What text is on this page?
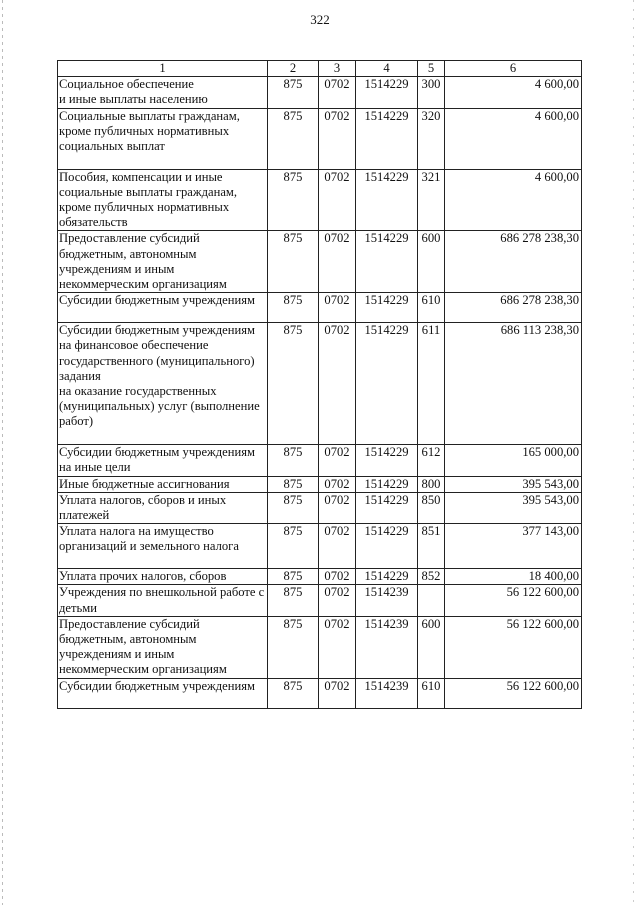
322
1	2	3	4	5	6
Социальное обеспечение
и иные выплаты населению	875	0702	1514229	300	4 600,00
Социальные выплаты гражданам, кроме публичных нормативных социальных выплат	875	0702	1514229	320	4 600,00
Пособия, компенсации и иные социальные выплаты гражданам, кроме публичных нормативных обязательств	875	0702	1514229	321	4 600,00
Предоставление субсидий бюджетным, автономным учреждениям и иным некоммерческим организациям	875	0702	1514229	600	686 278 238,30
Субсидии бюджетным учреждениям	875	0702	1514229	610	686 278 238,30
Субсидии бюджетным учреждениям на финансовое обеспечение государственного (муниципального) задания
на оказание государственных (муниципальных) услуг (выполнение работ)	875	0702	1514229	611	686 113 238,30
Субсидии бюджетным учреждениям на иные цели	875	0702	1514229	612	165 000,00
Иные бюджетные ассигнования	875	0702	1514229	800	395 543,00
Уплата налогов, сборов и иных платежей	875	0702	1514229	850	395 543,00
Уплата налога на имущество организаций и земельного налога	875	0702	1514229	851	377 143,00
Уплата прочих налогов, сборов	875	0702	1514229	852	18 400,00
Учреждения по внешкольной работе с детьми	875	0702	1514239		56 122 600,00
Предоставление субсидий бюджетным, автономным учреждениям и иным некоммерческим организациям	875	0702	1514239	600	56 122 600,00
Субсидии бюджетным учреждениям	875	0702	1514239	610	56 122 600,00
